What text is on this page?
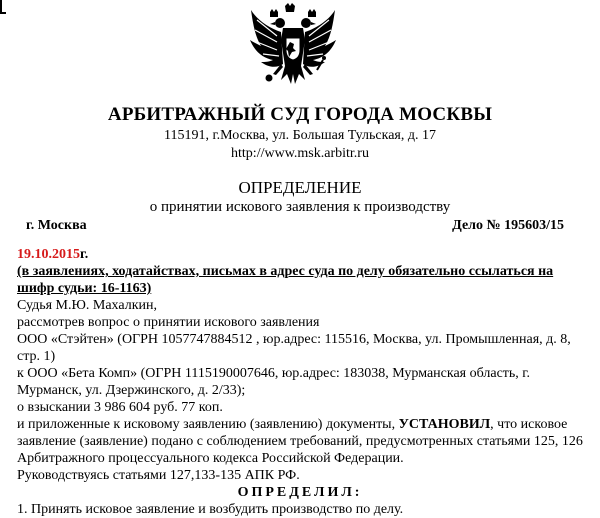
АРБИТРАЖНЫЙ СУД ГОРОДА МОСКВЫ
115191, г.Москва, ул. Большая Тульская, д. 17
http://www.msk.arbitr.ru
ОПРЕДЕЛЕНИЕ
о принятии искового заявления к производству
г. Москва	Дело № 195603/15

19.10.2015г.

(в заявлениях, ходатайствах, письмах в адрес суда по делу обязательно ссылаться на шифр судьи: 16-1163)

Судья М.Ю. Махалкин,

рассмотрев вопрос о принятии искового заявления

ООО «Стэйтен» (ОГРН 1057747884512 , юр.адрес: 115516, Москва, ул. Промышленная, д. 8, стр. 1)

к ООО «Бета Комп» (ОГРН 1115190007646, юр.адрес: 183038, Мурманская область, г. Мурманск, ул. Дзержинского, д. 2/33);

о взыскании 3 986 604 руб. 77 коп.

и приложенные к исковому заявлению (заявлению) документы, УСТАНОВИЛ, что исковое заявление (заявление) подано с соблюдением требований, предусмотренных статьями 125, 126 Арбитражного процессуального кодекса Российской Федерации.

Руководствуясь статьями 127,133-135 АПК РФ.

ОПРЕДЕЛИЛ:

1. Принять исковое заявление и возбудить производство по делу.
